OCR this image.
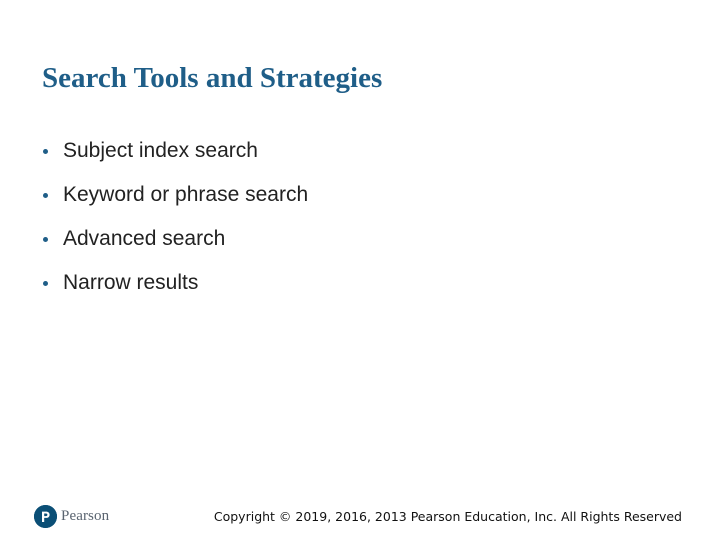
Search Tools and Strategies
Subject index search
Keyword or phrase search
Advanced search
Narrow results
Pearson	Copyright © 2019, 2016, 2013 Pearson Education, Inc. All Rights Reserved
